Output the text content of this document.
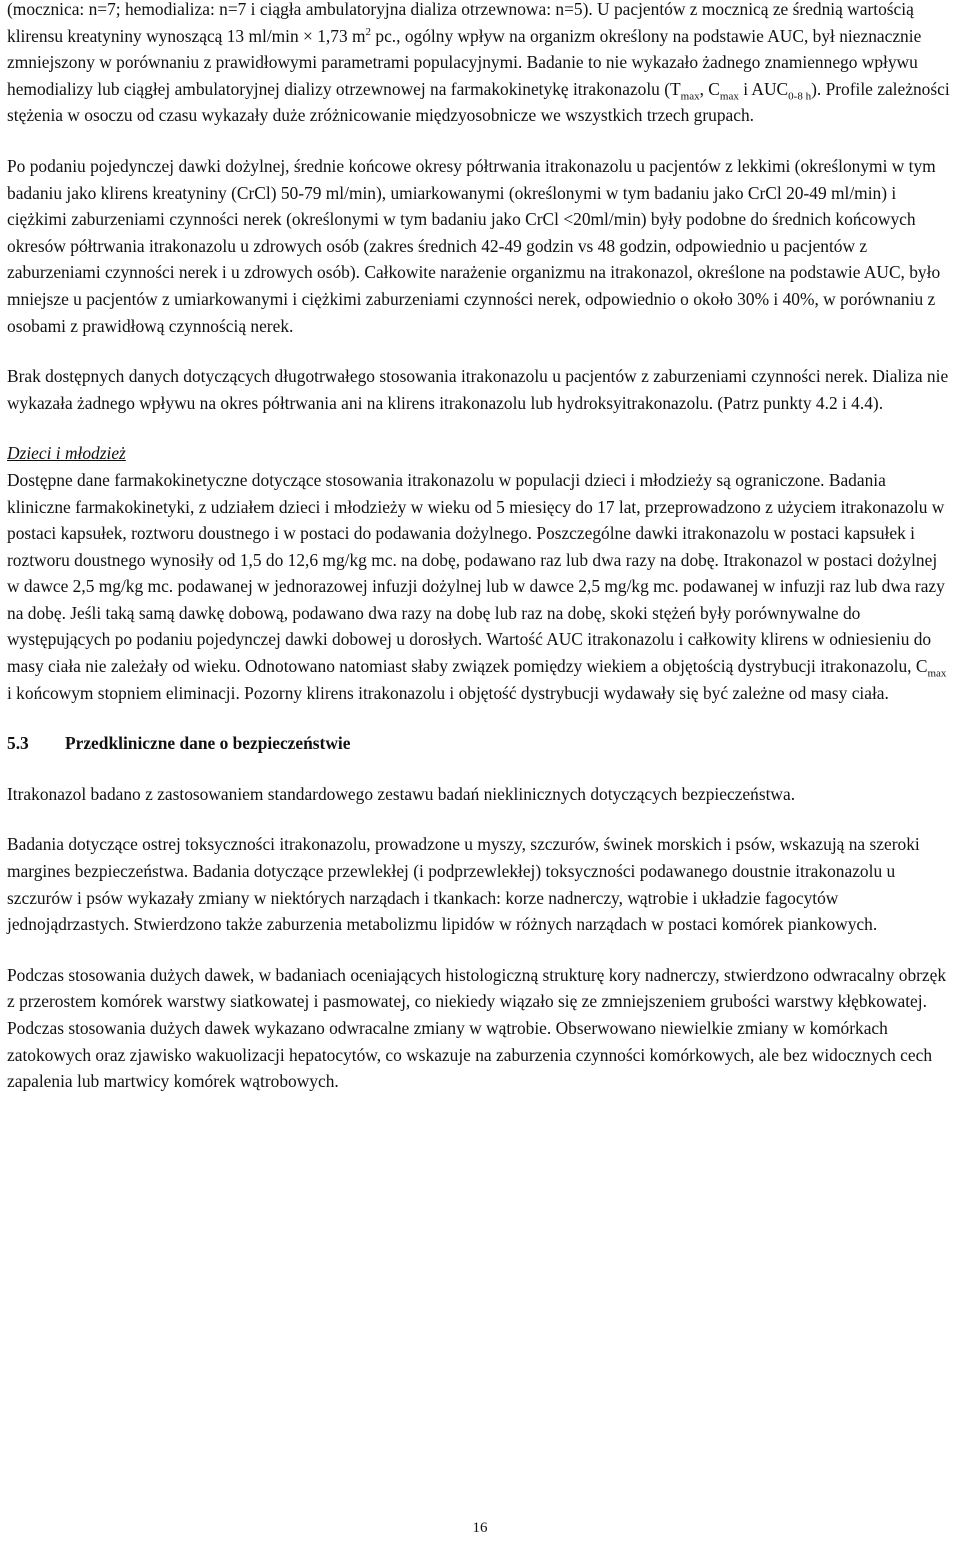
(mocznica: n=7; hemodializa: n=7 i ciągła ambulatoryjna dializa otrzewnowa: n=5). U pacjentów z mocznicą ze średnią wartością klirensu kreatyniny wynoszącą 13 ml/min × 1,73 $m^2$ pc., ogólny wpływ na organizm określony na podstawie AUC, był nieznacznie zmniejszony w porównaniu z prawidłowymi parametrami populacyjnymi. Badanie to nie wykazało żadnego znamiennego wpływu hemodializy lub ciągłej ambulatoryjnej dializy otrzewnowej na farmakokinetykę itrakonazolu ($T_{max}$, $C_{max}$ i $AUC_{0-8 h}$). Profile zależności stężenia w osoczu od czasu wykazały duże zróżnicowanie międzyosobnicze we wszystkich trzech grupach.

Po podaniu pojedynczej dawki dożylnej, średnie końcowe okresy półtrwania itrakonazolu u pacjentów z lekkimi (określonymi w tym badaniu jako klirens kreatyniny (CrCl) 50-79 ml/min), umiarkowanymi (określonymi w tym badaniu jako CrCl 20-49 ml/min) i ciężkimi zaburzeniami czynności nerek (określonymi w tym badaniu jako CrCl <20ml/min) były podobne do średnich końcowych okresów półtrwania itrakonazolu u zdrowych osób (zakres średnich 42-49 godzin vs 48 godzin, odpowiednio u pacjentów z zaburzeniami czynności nerek i u zdrowych osób). Całkowite narażenie organizmu na itrakonazol, określone na podstawie AUC, było mniejsze u pacjentów z umiarkowanymi i ciężkimi zaburzeniami czynności nerek, odpowiednio o około 30% i 40%, w porównaniu z osobami z prawidłową czynnością nerek.

Brak dostępnych danych dotyczących długotrwałego stosowania itrakonazolu u pacjentów z zaburzeniami czynności nerek. Dializa nie wykazała żadnego wpływu na okres półtrwania ani na klirens itrakonazolu lub hydroksyitrakonazolu. (Patrz punkty 4.2 i 4.4).

Dzieci i młodzież

Dostępne dane farmakokinetyczne dotyczące stosowania itrakonazolu w populacji dzieci i młodzieży są ograniczone. Badania kliniczne farmakokinetyki, z udziałem dzieci i młodzieży w wieku od 5 miesięcy do 17 lat, przeprowadzono z użyciem itrakonazolu w postaci kapsułek, roztworu doustnego i w postaci do podawania dożylnego. Poszczególne dawki itrakonazolu w postaci kapsułek i roztworu doustnego wynosiły od 1,5 do 12,6 mg/kg mc. na dobę, podawano raz lub dwa razy na dobę. Itrakonazol w postaci dożylnej w dawce 2,5 mg/kg mc. podawanej w jednorazowej infuzji dożylnej lub w dawce 2,5 mg/kg mc. podawanej w infuzji raz lub dwa razy na dobę. Jeśli taką samą dawkę dobową, podawano dwa razy na dobę lub raz na dobę, skoki stężeń były porównywalne do występujących po podaniu pojedynczej dawki dobowej u dorosłych. Wartość AUC itrakonazolu i całkowity klirens w odniesieniu do masy ciała nie zależały od wieku. Odnotowano natomiast słaby związek pomiędzy wiekiem a objętością dystrybucji itrakonazolu, $C_{max}$ i końcowym stopniem eliminacji. Pozorny klirens itrakonazolu i objętość dystrybucji wydawały się być zależne od masy ciała.

5.3 Przedkliniczne dane o bezpieczeństwie

Itrakonazol badano z zastosowaniem standardowego zestawu badań nieklinicznych dotyczących bezpieczeństwa.

Badania dotyczące ostrej toksyczności itrakonazolu, prowadzone u myszy, szczurów, świnek morskich i psów, wskazują na szeroki margines bezpieczeństwa. Badania dotyczące przewlekłej (i podprzewlekłej) toksyczności podawanego doustnie itrakonazolu u szczurów i psów wykazały zmiany w niektórych narządach i tkankach: korze nadnerczy, wątrobie i układzie fagocytów jednojądrzastych. Stwierdzono także zaburzenia metabolizmu lipidów w różnych narządach w postaci komórek piankowych.

Podczas stosowania dużych dawek, w badaniach oceniających histologiczną strukturę kory nadnerczy, stwierdzono odwracalny obrzęk z przerostem komórek warstwy siatkowatej i pasmowatej, co niekiedy wiązało się ze zmniejszeniem grubości warstwy kłębkowatej. Podczas stosowania dużych dawek wykazano odwracalne zmiany w wątrobie. Obserwowano niewielkie zmiany w komórkach zatokowych oraz zjawisko wakuolizacji hepatocytów, co wskazuje na zaburzenia czynności komórkowych, ale bez widocznych cech zapalenia lub martwicy komórek wątrobowych.

16
